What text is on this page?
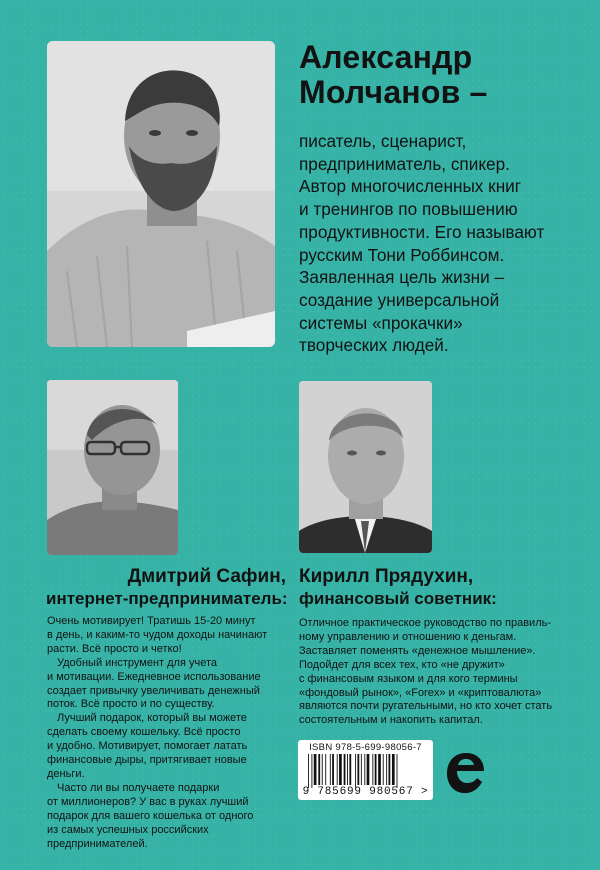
Александр
Молчанов –
писатель, сценарист,
предприниматель, спикер.
Автор многочисленных книг
и тренингов по повышению
продуктивности. Его называют
русским Тони Роббинсом.
Заявленная цель жизни –
создание универсальной
системы «прокачки»
творческих людей.
Дмитрий Сафин,
интернет-предприниматель:
Кирилл Прядухин,
финансовый советник:
Очень мотивирует! Тратишь 15-20 минут
в день, и каким-то чудом доходы начинают
расти. Всё просто и четко!
Удобный инструмент для учета
и мотивации. Ежедневное использование
создает привычку увеличивать денежный
поток. Всё просто и по существу.
Лучший подарок, который вы можете
сделать своему кошельку. Всё просто
и удобно. Мотивирует, помогает латать
финансовые дыры, притягивает новые
деньги.
Часто ли вы получаете подарки
от миллионеров? У вас в руках лучший
подарок для вашего кошелька от одного
из самых успешных российских
предпринимателей.
Отличное практическое руководство по правиль-
ному управлению и отношению к деньгам.
Заставляет поменять «денежное мышление».
Подойдет для всех тех, кто «не дружит»
с финансовым языком и для кого термины
«фондовый рынок», «Forex» и «криптовалюта»
являются почти ругательными, но кто хочет стать
состоятельным и накопить капитал.
ISBN 978-5-699-98056-7
9 785699 980567 >
